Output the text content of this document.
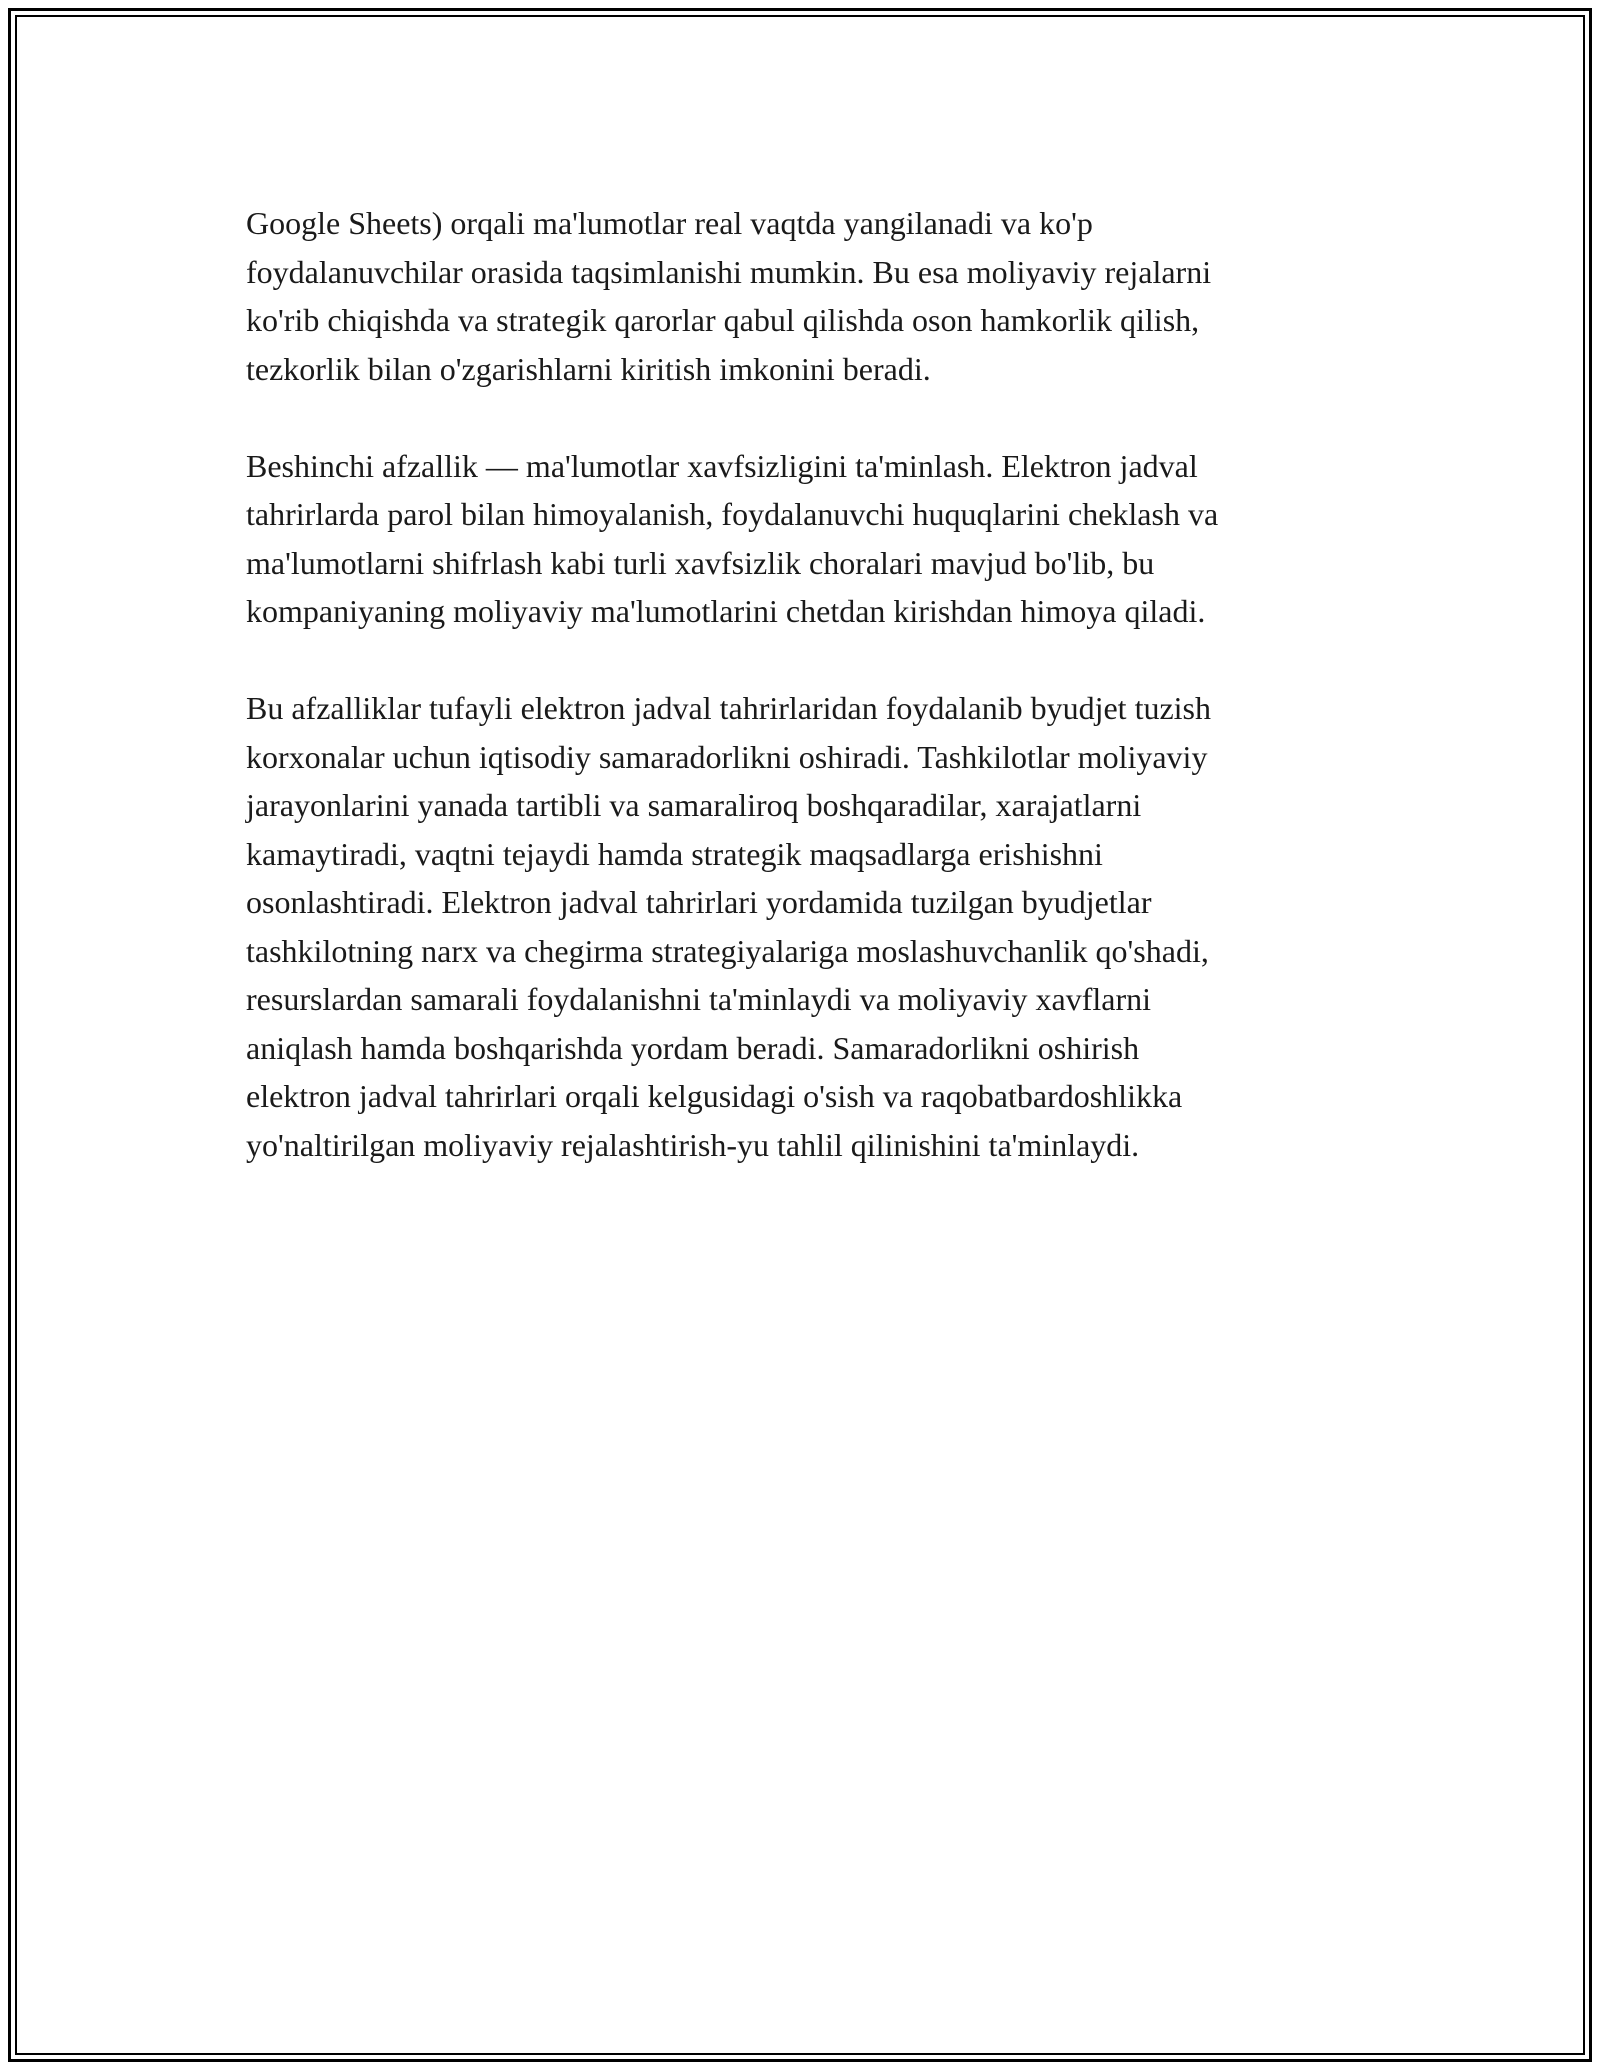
Google Sheets) orqali ma'lumotlar real vaqtda yangilanadi va ko'p
foydalanuvchilar orasida taqsimlanishi mumkin. Bu esa moliyaviy rejalarni
ko'rib chiqishda va strategik qarorlar qabul qilishda oson hamkorlik qilish,
tezkorlik bilan o'zgarishlarni kiritish imkonini beradi.

Beshinchi afzallik — ma'lumotlar xavfsizligini ta'minlash. Elektron jadval
tahrirlarda parol bilan himoyalanish, foydalanuvchi huquqlarini cheklash va
ma'lumotlarni shifrlash kabi turli xavfsizlik choralari mavjud bo'lib, bu
kompaniyaning moliyaviy ma'lumotlarini chetdan kirishdan himoya qiladi.

Bu afzalliklar tufayli elektron jadval tahrirlaridan foydalanib byudjet tuzish
korxonalar uchun iqtisodiy samaradorlikni oshiradi. Tashkilotlar moliyaviy
jarayonlarini yanada tartibli va samaraliroq boshqaradilar, xarajatlarni
kamaytiradi, vaqtni tejaydi hamda strategik maqsadlarga erishishni
osonlashtiradi. Elektron jadval tahrirlari yordamida tuzilgan byudjetlar
tashkilotning narx va chegirma strategiyalariga moslashuvchanlik qo'shadi,
resurslardan samarali foydalanishni ta'minlaydi va moliyaviy xavflarni
aniqlash hamda boshqarishda yordam beradi. Samaradorlikni oshirish
elektron jadval tahrirlari orqali kelgusidagi o'sish va raqobatbardoshlikka
yo'naltirilgan moliyaviy rejalashtirish-yu tahlil qilinishini ta'minlaydi.
